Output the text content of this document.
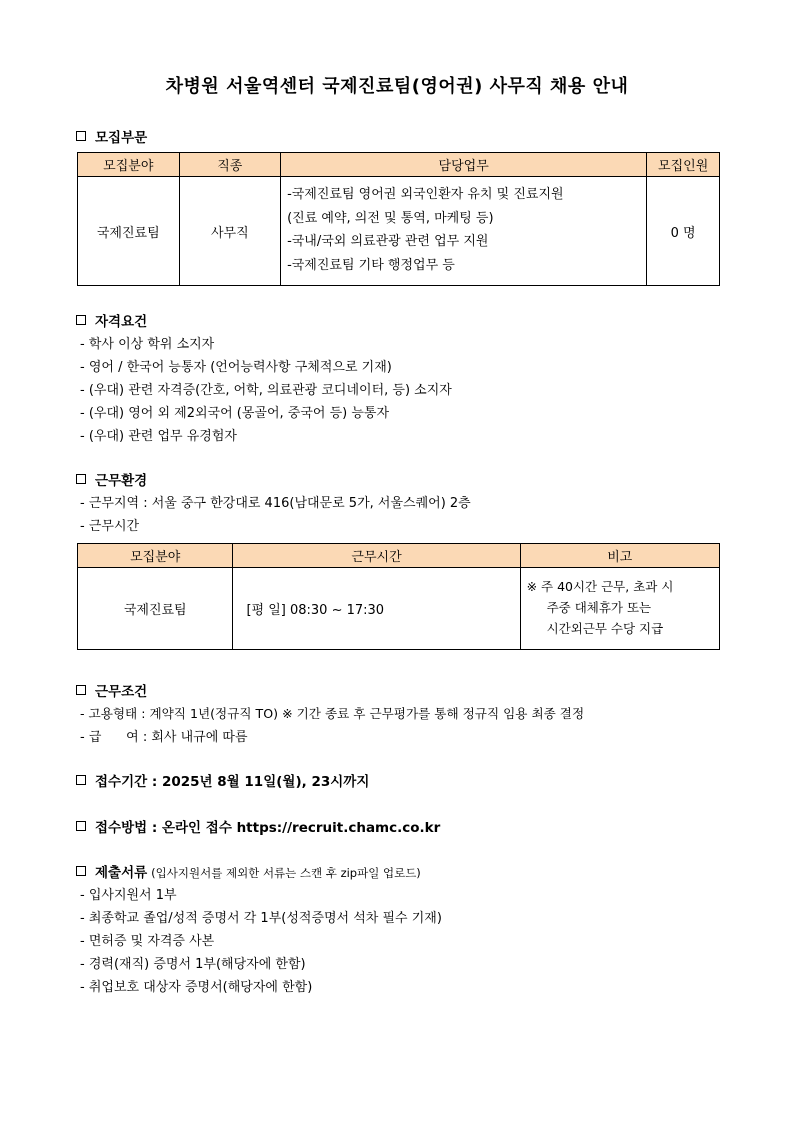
차병원 서울역센터 국제진료팀(영어권) 사무직 채용 안내
모집부문
모집분야	직종	담당업무	모집인원
국제진료팀	사무직	-국제진료팀 영어권 외국인환자 유치 및 진료지원
(진료 예약, 의전 및 통역, 마케팅 등)
-국내/국외 의료관광 관련 업무 지원
-국제진료팀 기타 행정업무 등	0 명
자격요건
- 학사 이상 학위 소지자
- 영어 / 한국어 능통자 (언어능력사항 구체적으로 기재)
- (우대) 관련 자격증(간호, 어학, 의료관광 코디네이터, 등) 소지자
- (우대) 영어 외 제2외국어 (몽골어, 중국어 등) 능통자
- (우대) 관련 업무 유경험자
근무환경
- 근무지역 : 서울 중구 한강대로 416(남대문로 5가, 서울스퀘어) 2층
- 근무시간
모집분야	근무시간	비고
국제진료팀	[평 일] 08:30 ~ 17:30	※ 주 40시간 근무, 초과 시
주중 대체휴가 또는
시간외근무 수당 지급
근무조건
- 고용형태 : 계약직 1년(정규직 TO) ※ 기간 종료 후 근무평가를 통해 정규직 임용 최종 결정
- 급      여 : 회사 내규에 따름
접수기간 : 2025년 8월 11일(월), 23시까지
접수방법 : 온라인 접수 https://recruit.chamc.co.kr
제출서류 (입사지원서를 제외한 서류는 스캔 후 zip파일 업로드)
- 입사지원서 1부
- 최종학교 졸업/성적 증명서 각 1부(성적증명서 석차 필수 기재)
- 면허증 및 자격증 사본
- 경력(재직) 증명서 1부(해당자에 한함)
- 취업보호 대상자 증명서(해당자에 한함)
